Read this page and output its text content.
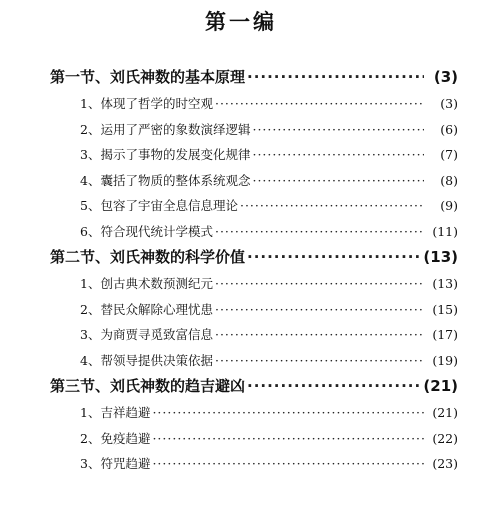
第一编
第一节、刘氏神数的基本原理 ·····	(3)
1、体现了哲学的时空观 ·····	(3)
2、运用了严密的象数演绎逻辑 ·····	(6)
3、揭示了事物的发展变化规律 ·····	(7)
4、囊括了物质的整体系统观念 ·····	(8)
5、包容了宇宙全息信息理论 ·····	(9)
6、符合现代统计学模式 ·····	(11)
第二节、刘氏神数的科学价值 ·····	(13)
1、创古典术数预测纪元 ·····	(13)
2、替民众解除心理忧患 ·····	(15)
3、为商贾寻觅致富信息 ·····	(17)
4、帮领导提供决策依据 ·····	(19)
第三节、刘氏神数的趋吉避凶 ·····	(21)
1、吉祥趋避 ·····	(21)
2、免疫趋避 ·····	(22)
3、符咒趋避 ·····	(23)
